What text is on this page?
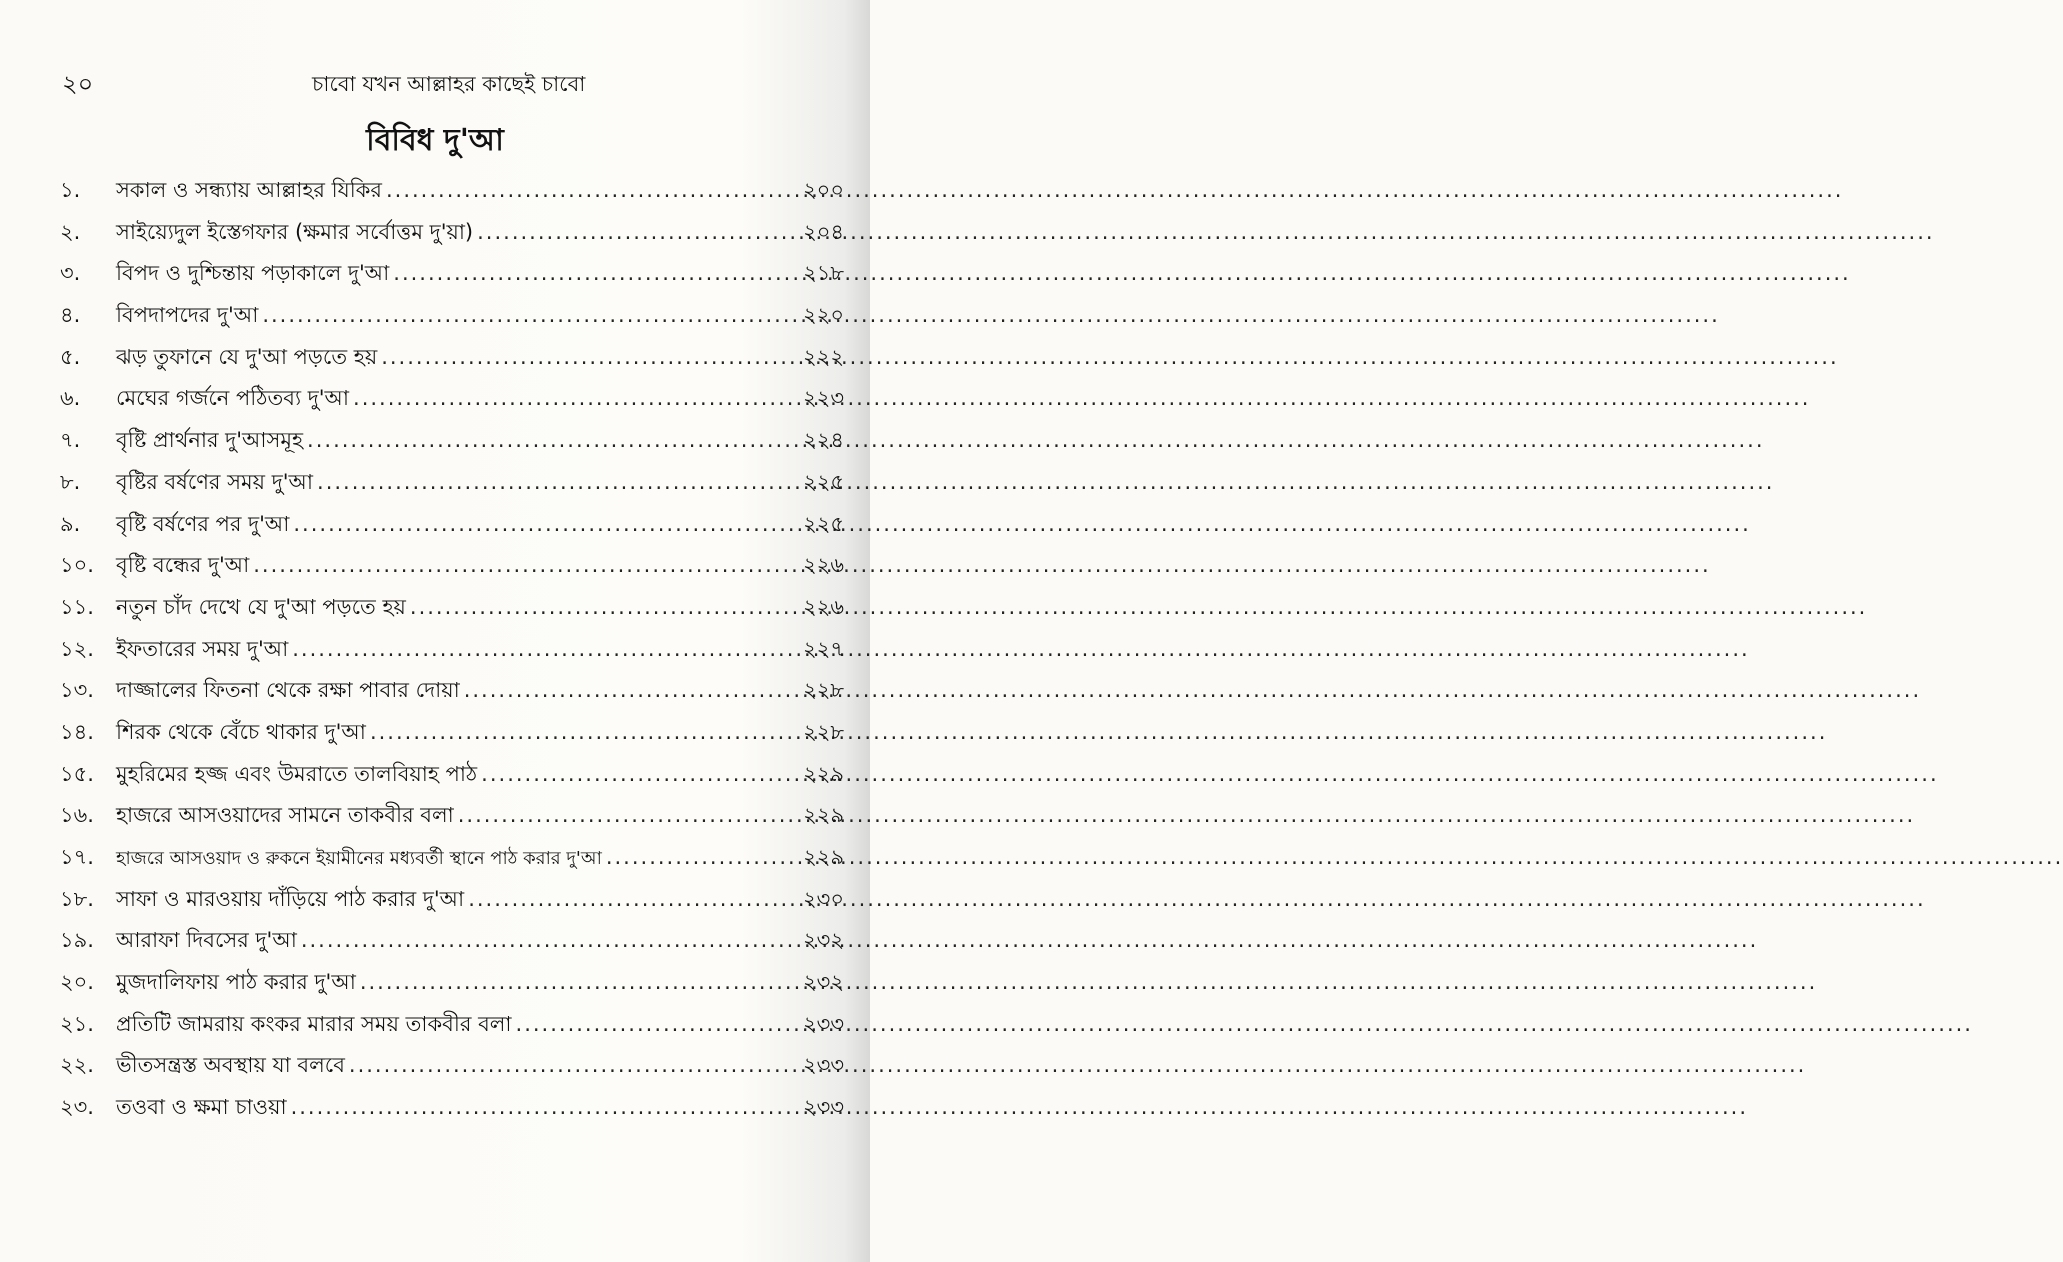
২০	চাবো যখন আল্লাহর কাছেই চাবো
বিবিধ দু'আ
১.	সকাল ও সন্ধ্যায় আল্লাহর যিকির .....	২০০
২.	সাইয়্যেদুল ইস্তেগফার (ক্ষমার সর্বোত্তম দু'য়া) .....	২০৪
৩.	বিপদ ও দুশ্চিন্তায় পড়াকালে দু'আ .....	২১৮
৪.	বিপদাপদের দু'আ .....	২২০
৫.	ঝড় তুফানে যে দু'আ পড়তে হয় .....	২২২
৬.	মেঘের গর্জনে পঠিতব্য দু'আ .....	২২৩
৭.	বৃষ্টি প্রার্থনার দু'আসমূহ .....	২২৪
৮.	বৃষ্টির বর্ষণের সময় দু'আ .....	২২৫
৯.	বৃষ্টি বর্ষণের পর দু'আ .....	২২৫
১০.	বৃষ্টি বন্ধের দু'আ .....	২২৬
১১.	নতুন চাঁদ দেখে যে দু'আ পড়তে হয় .....	২২৬
১২.	ইফতারের সময় দু'আ .....	২২৭
১৩.	দাজ্জালের ফিতনা থেকে রক্ষা পাবার দোয়া .....	২২৮
১৪.	শিরক থেকে বেঁচে থাকার দু'আ .....	২২৮
১৫.	মুহরিমের হজ্জ এবং উমরাতে তালবিয়াহ পাঠ .....	২২৯
১৬.	হাজরে আসওয়াদের সামনে তাকবীর বলা .....	২২৯
১৭.	হাজরে আসওয়াদ ও রুকনে ইয়ামীনের মধ্যবর্তী স্থানে পাঠ করার দু'আ .....	২২৯
১৮.	সাফা ও মারওয়ায় দাঁড়িয়ে পাঠ করার দু'আ .....	২৩০
১৯.	আরাফা দিবসের দু'আ .....	২৩২
২০.	মুজদালিফায় পাঠ করার দু'আ .....	২৩২
২১.	প্রতিটি জামরায় কংকর মারার সময় তাকবীর বলা .....	২৩৩
২২.	ভীতসন্ত্রস্ত অবস্থায় যা বলবে .....	২৩৩
২৩.	তওবা ও ক্ষমা চাওয়া .....	২৩৩
